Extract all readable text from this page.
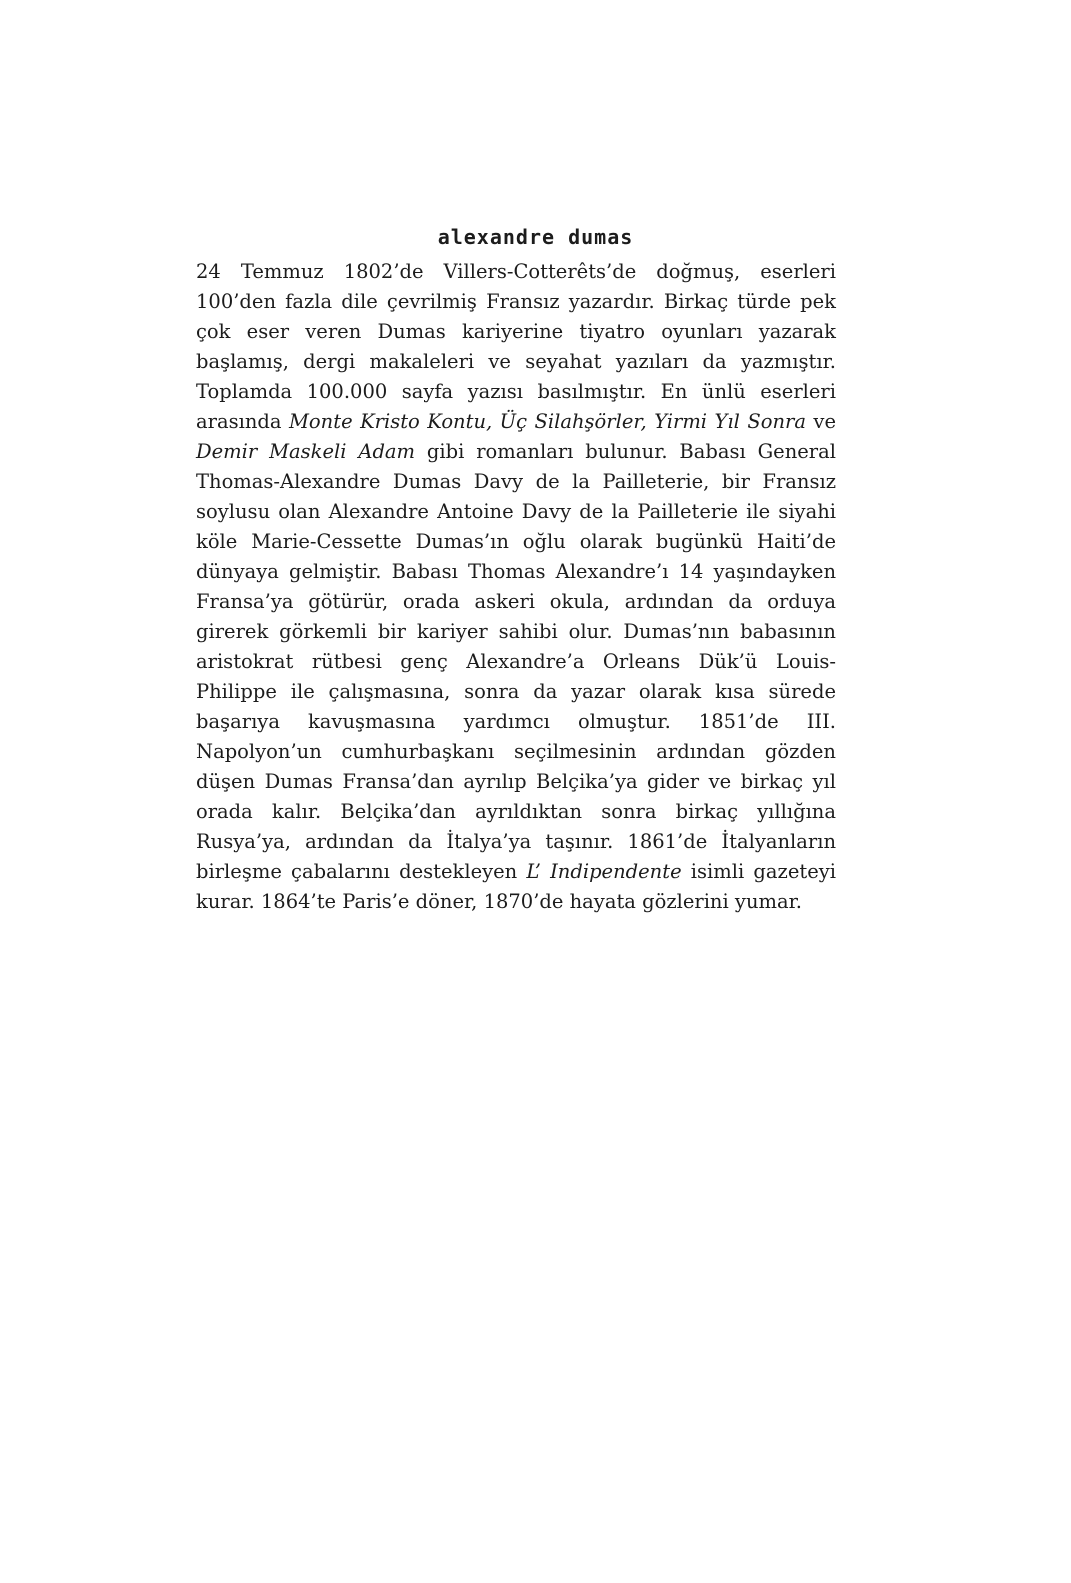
alexandre dumas

24 Temmuz 1802’de Villers-Cotterêts’de doğmuş, eserleri 100’den fazla dile çevrilmiş Fransız yazardır. Birkaç türde pek çok eser veren Dumas kariyerine tiyatro oyunları yazarak başlamış, dergi makaleleri ve seyahat yazıları da yazmıştır. Toplamda 100.000 sayfa yazısı basılmıştır. En ünlü eserleri arasında Monte Kristo Kontu, Üç Silahşörler, Yirmi Yıl Sonra ve Demir Maskeli Adam gibi romanları bulunur. Babası General Thomas-Alexandre Dumas Davy de la Pailleterie, bir Fransız soylusu olan Alexandre Antoine Davy de la Pailleterie ile siyahi köle Marie-Cessette Dumas’ın oğlu olarak bugünkü Haiti’de dünyaya gelmiştir. Babası Thomas Alexandre’ı 14 yaşındayken Fransa’ya götürür, orada askeri okula, ardından da orduya girerek görkemli bir kariyer sahibi olur. Dumas’nın babasının aristokrat rütbesi genç Alexandre’a Orleans Dük’ü Louis-Philippe ile çalışmasına, sonra da yazar olarak kısa sürede başarıya kavuşmasına yardımcı olmuştur. 1851’de III. Napolyon’un cumhurbaşkanı seçilmesinin ardından gözden düşen Dumas Fransa’dan ayrılıp Belçika’ya gider ve birkaç yıl orada kalır. Belçika’dan ayrıldıktan sonra birkaç yıllığına Rusya’ya, ardından da İtalya’ya taşınır. 1861’de İtalyanların birleşme çabalarını destekleyen L’ Indipendente isimli gazeteyi kurar. 1864’te Paris’e döner, 1870’de hayata gözlerini yumar.
